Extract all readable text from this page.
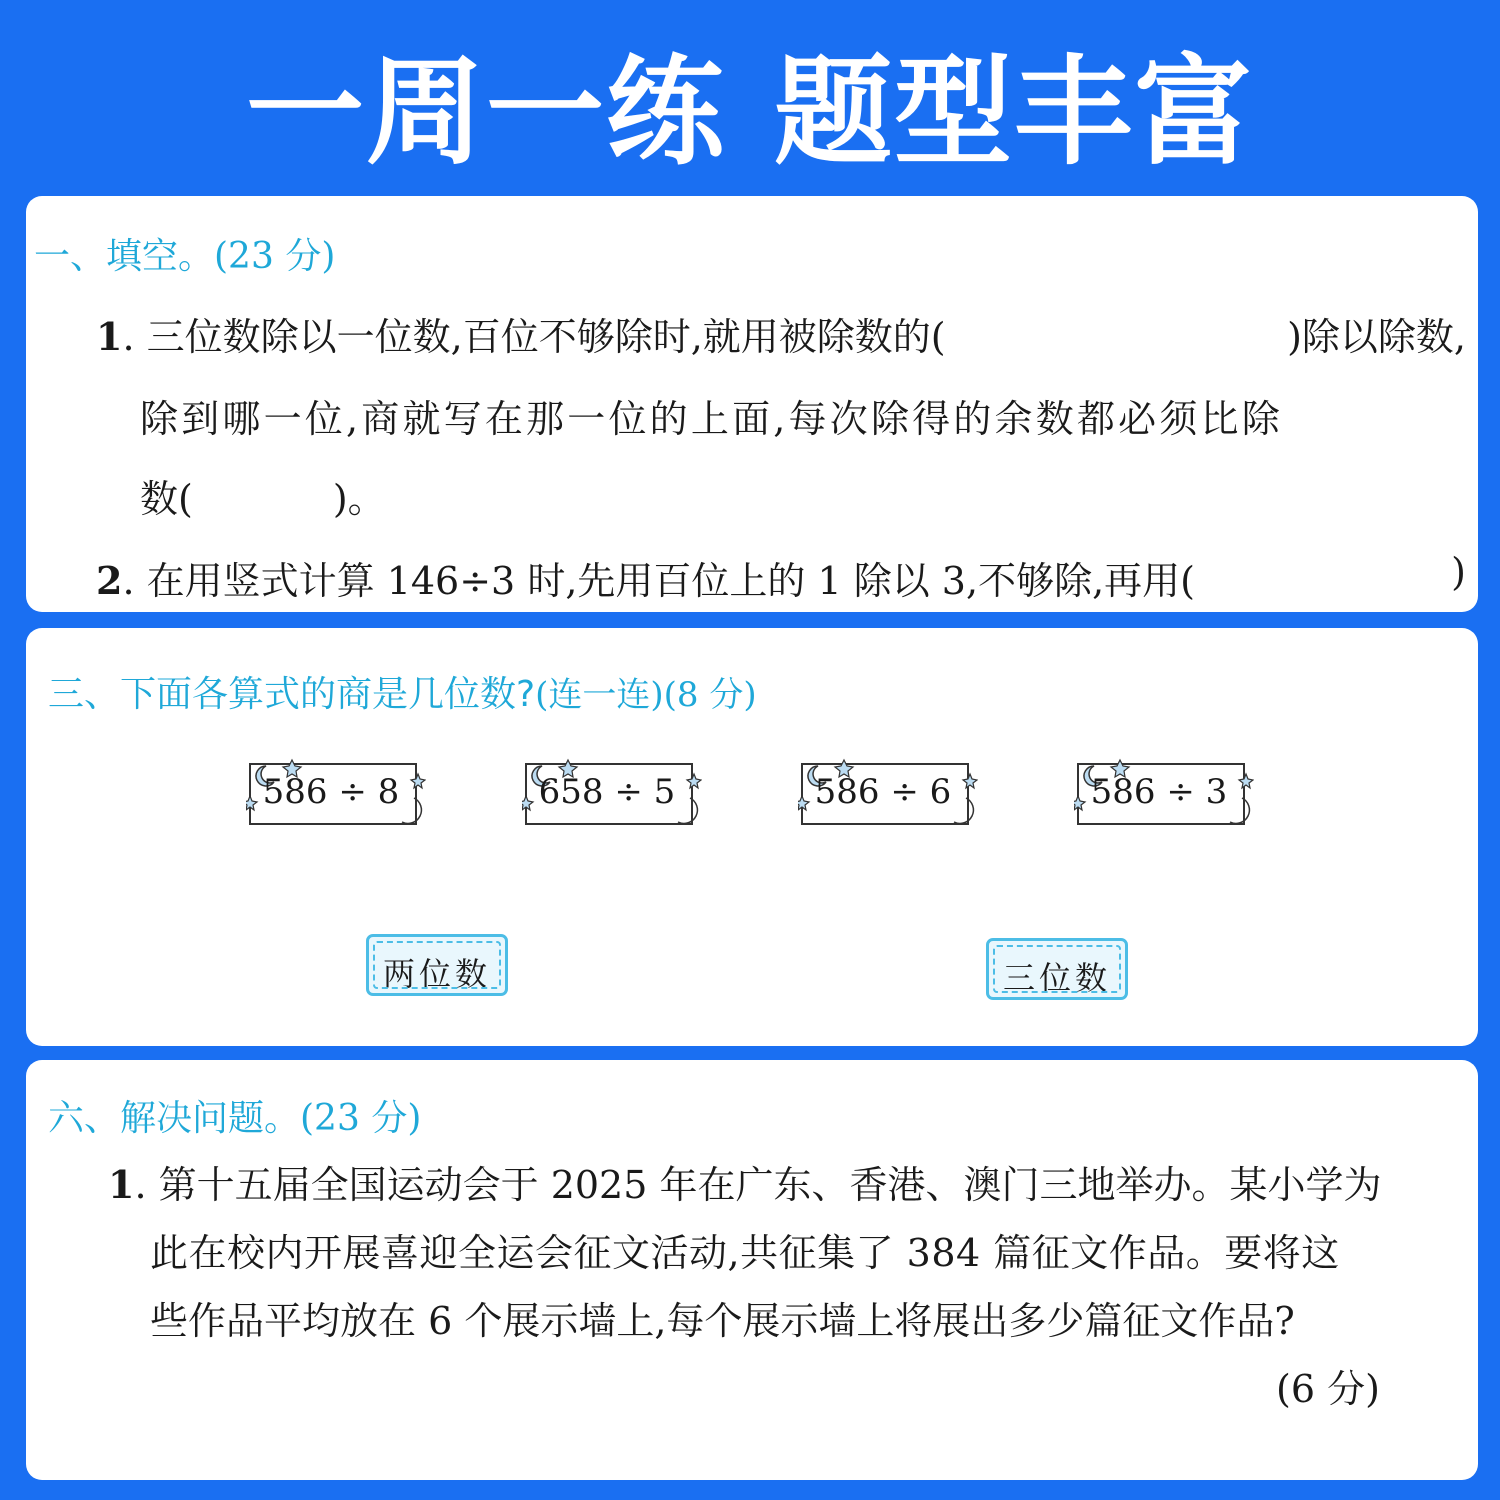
一周一练 题型丰富
一、填空。(23 分)
1. 三位数除以一位数,百位不够除时,就用被除数的(	)除以除数,
除到哪一位,商就写在那一位的上面,每次除得的余数都必须比除
数(	)。
2. 在用竖式计算 146÷3 时,先用百位上的 1 除以 3,不够除,再用(	)
三、下面各算式的商是几位数?(连一连)(8 分)
586 ÷ 8	658 ÷ 5	586 ÷ 6	586 ÷ 3
两位数	三位数
六、解决问题。(23 分)
1. 第十五届全国运动会于 2025 年在广东、香港、澳门三地举办。某小学为
此在校内开展喜迎全运会征文活动,共征集了 384 篇征文作品。要将这
些作品平均放在 6 个展示墙上,每个展示墙上将展出多少篇征文作品?
(6 分)
